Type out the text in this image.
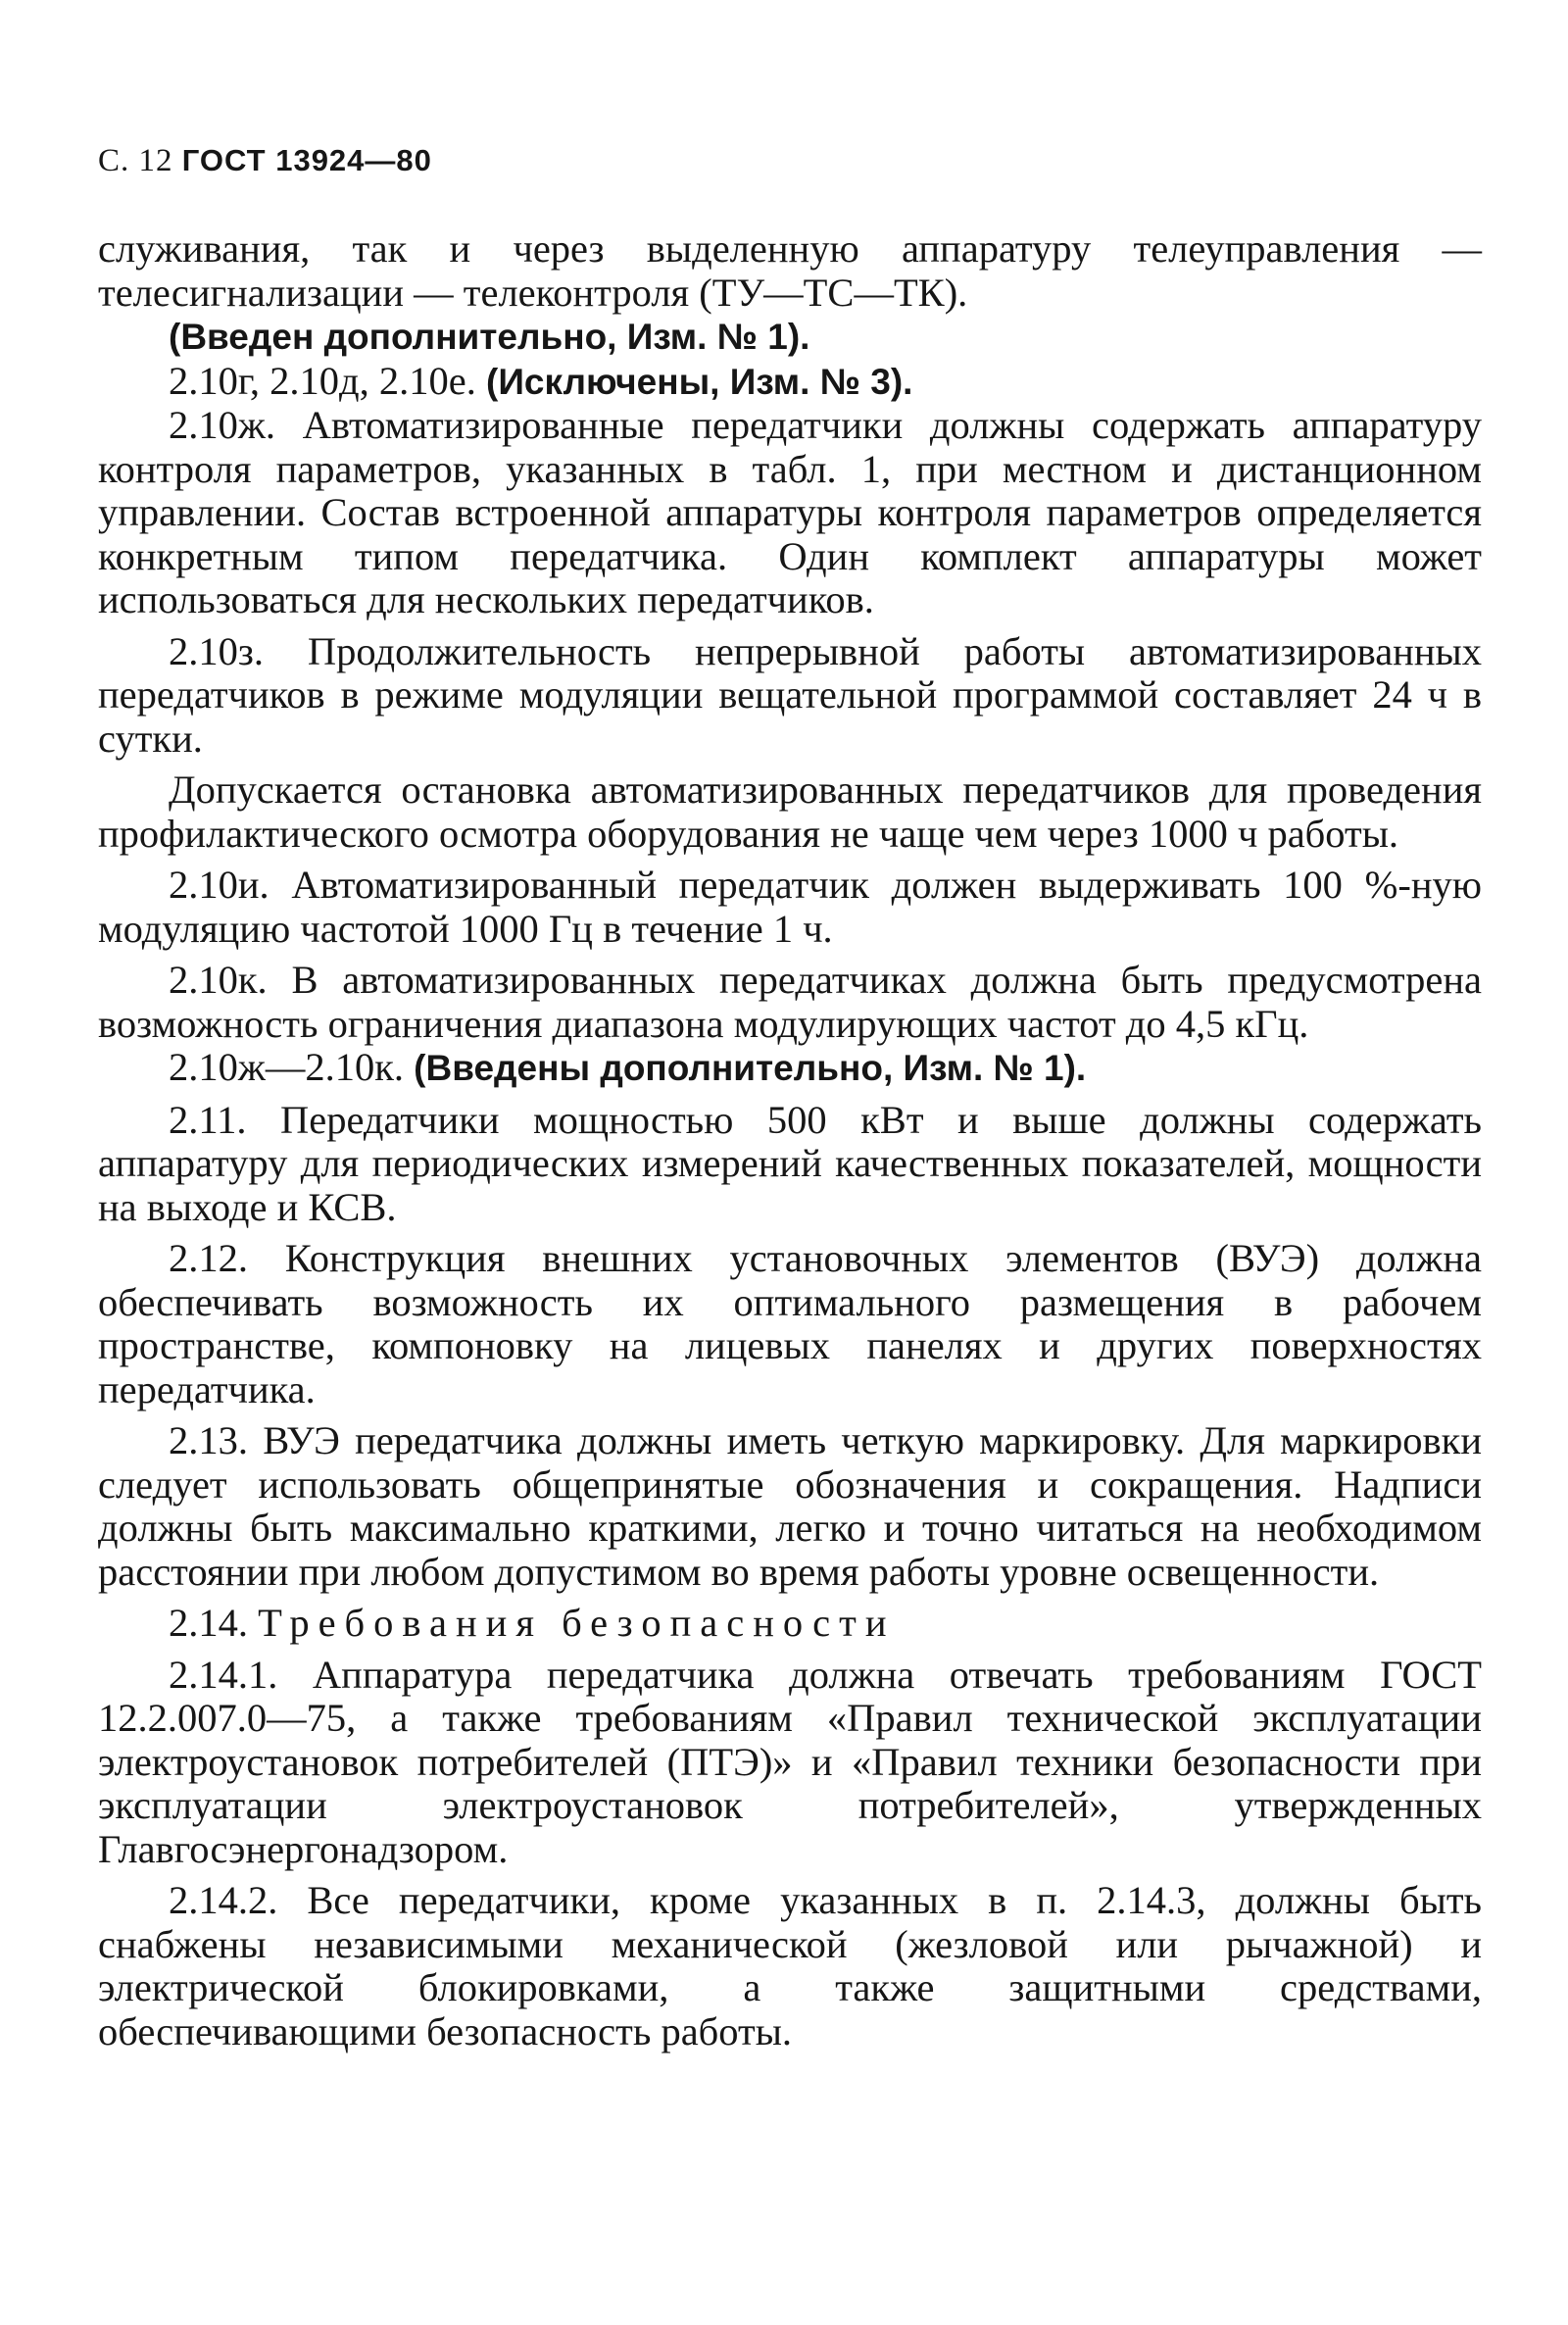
С. 12 ГОСТ 13924—80

служивания, так и через выделенную аппаратуру телеуправления — телесигнализации — телеконтроля (ТУ—ТС—ТК).

(Введен дополнительно, Изм. № 1).

2.10г, 2.10д, 2.10е. (Исключены, Изм. № 3).

2.10ж. Автоматизированные передатчики должны содержать аппаратуру контроля параметров, указанных в табл. 1, при местном и дистанционном управлении. Состав встроенной аппаратуры контроля параметров определяется конкретным типом передатчика. Один комплект аппаратуры может использоваться для нескольких передатчиков.

2.10з. Продолжительность непрерывной работы автоматизированных передатчиков в режиме модуляции вещательной программой составляет 24 ч в сутки.

Допускается остановка автоматизированных передатчиков для проведения профилактического осмотра оборудования не чаще чем через 1000 ч работы.

2.10и. Автоматизированный передатчик должен выдерживать 100 %-ную модуляцию частотой 1000 Гц в течение 1 ч.

2.10к. В автоматизированных передатчиках должна быть предусмотрена возможность ограничения диапазона модулирующих частот до 4,5 кГц.

2.10ж—2.10к. (Введены дополнительно, Изм. № 1).

2.11. Передатчики мощностью 500 кВт и выше должны содержать аппаратуру для периодических измерений качественных показателей, мощности на выходе и КСВ.

2.12. Конструкция внешних установочных элементов (ВУЭ) должна обеспечивать возможность их оптимального размещения в рабочем пространстве, компоновку на лицевых панелях и других поверхностях передатчика.

2.13. ВУЭ передатчика должны иметь четкую маркировку. Для маркировки следует использовать общепринятые обозначения и сокращения. Надписи должны быть максимально краткими, легко и точно читаться на необходимом расстоянии при любом допустимом во время работы уровне освещенности.

2.14. Требования безопасности

2.14.1. Аппаратура передатчика должна отвечать требованиям ГОСТ 12.2.007.0—75, а также требованиям «Правил технической эксплуатации электроустановок потребителей (ПТЭ)» и «Правил техники безопасности при эксплуатации электроустановок потребителей», утвержденных Главгосэнергонадзором.

2.14.2. Все передатчики, кроме указанных в п. 2.14.3, должны быть снабжены независимыми механической (жезловой или рычажной) и электрической блокировками, а также защитными средствами, обеспечивающими безопасность работы.
